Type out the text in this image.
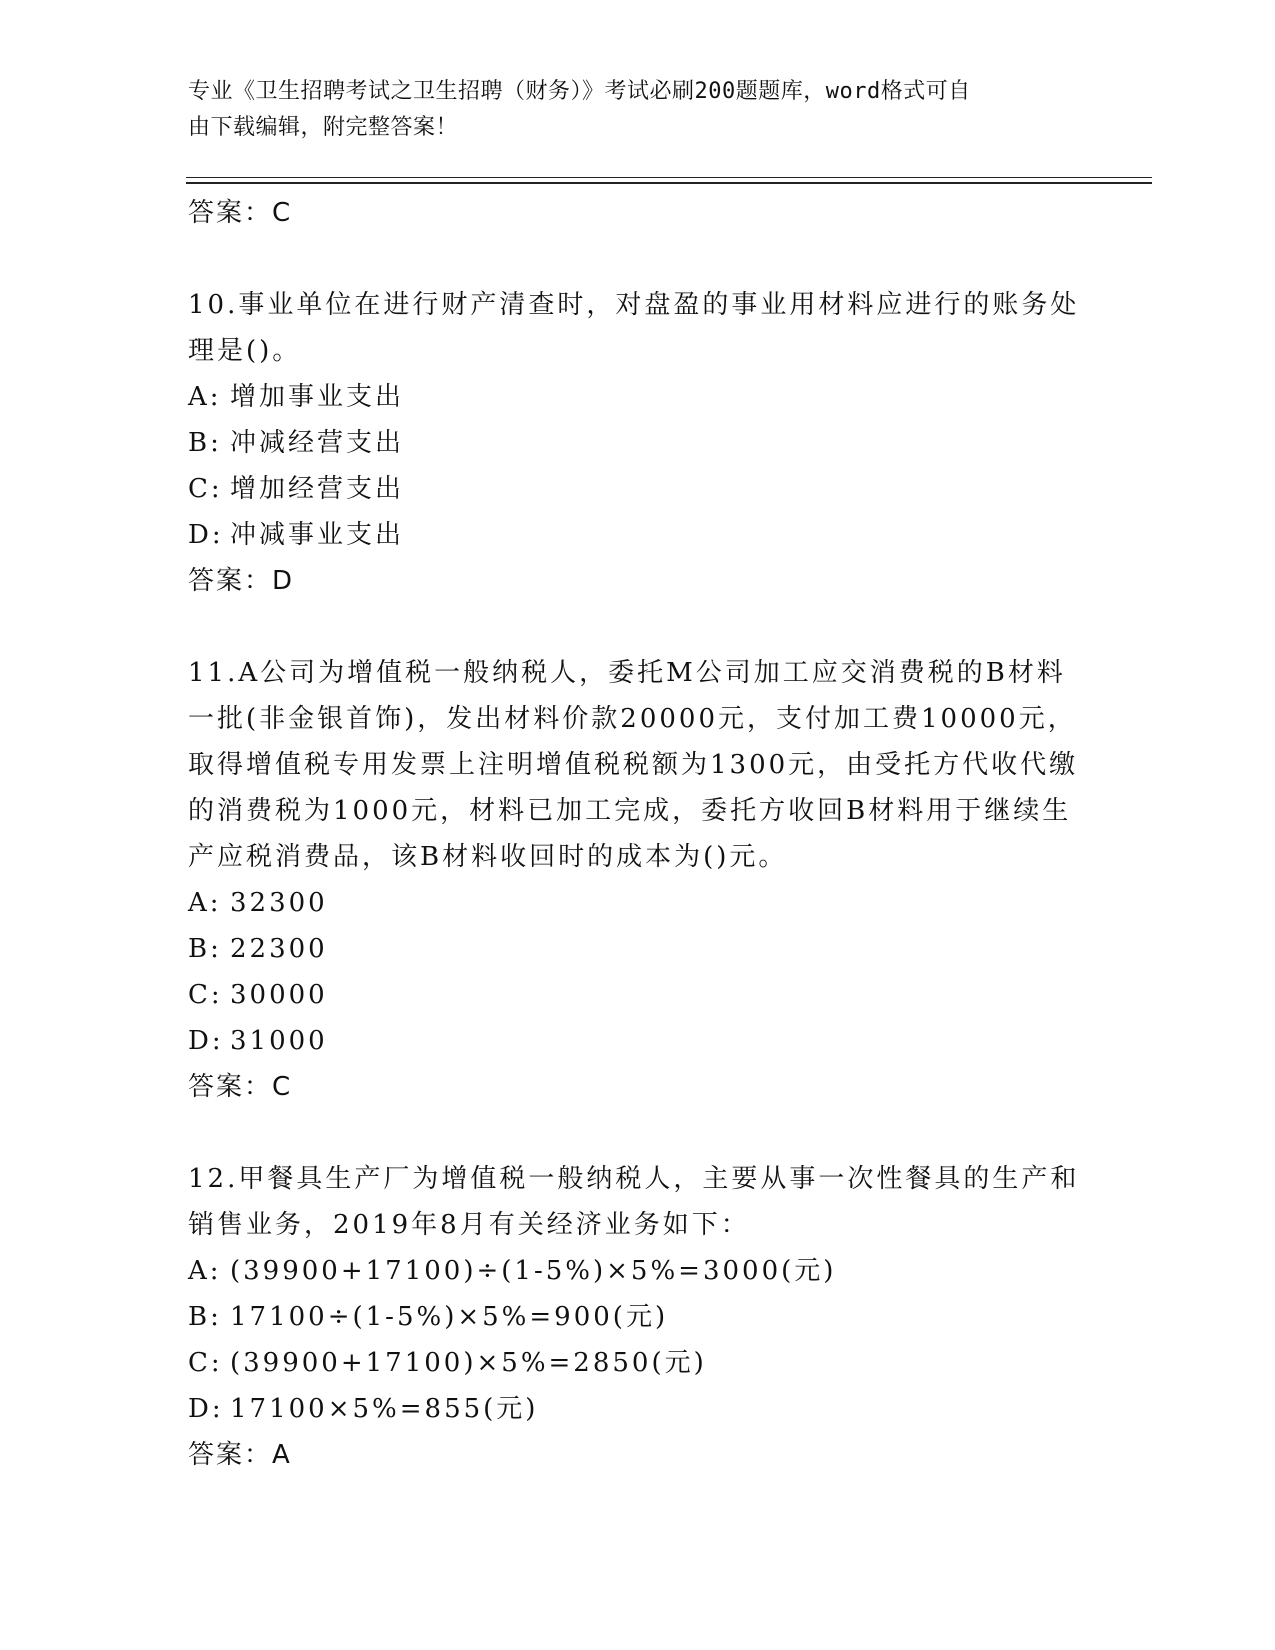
专业《卫生招聘考试之卫生招聘（财务）》考试必刷200题题库，word格式可自
由下载编辑，附完整答案！
答案：C

10.事业单位在进行财产清查时，对盘盈的事业用材料应进行的账务处理是()。

A: 增加事业支出
B: 冲减经营支出
C: 增加经营支出
D: 冲减事业支出
答案：D

11.A公司为增值税一般纳税人，委托M公司加工应交消费税的B材料一批(非金银首饰)，发出材料价款20000元，支付加工费10000元，取得增值税专用发票上注明增值税税额为1300元，由受托方代收代缴的消费税为1000元，材料已加工完成，委托方收回B材料用于继续生产应税消费品，该B材料收回时的成本为()元。

A: 32300
B: 22300
C: 30000
D: 31000
答案：C

12.甲餐具生产厂为增值税一般纳税人，主要从事一次性餐具的生产和销售业务，2019年8月有关经济业务如下：

A: (39900+17100)÷(1-5%)×5%=3000(元)
B: 17100÷(1-5%)×5%=900(元)
C: (39900+17100)×5%=2850(元)
D: 17100×5%=855(元)
答案：A
